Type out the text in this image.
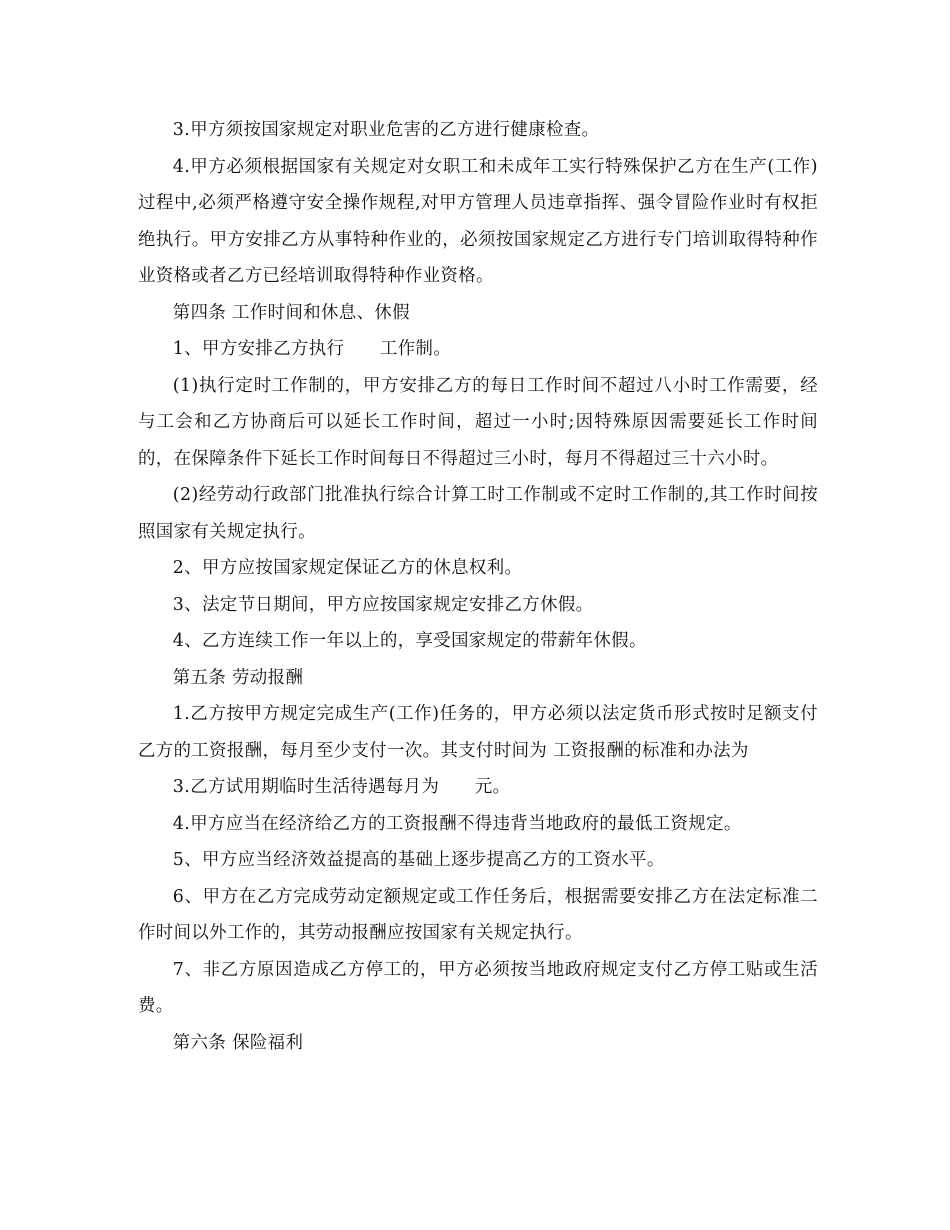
3.甲方须按国家规定对职业危害的乙方进行健康检查。

4.甲方必须根据国家有关规定对女职工和未成年工实行特殊保护乙方在生产(工作)过程中,必须严格遵守安全操作规程,对甲方管理人员违章指挥、强令冒险作业时有权拒绝执行。甲方安排乙方从事特种作业的，必须按国家规定乙方进行专门培训取得特种作业资格或者乙方已经培训取得特种作业资格。

第四条 工作时间和休息、休假

1、甲方安排乙方执行　　工作制。

(1)执行定时工作制的，甲方安排乙方的每日工作时间不超过八小时工作需要，经与工会和乙方协商后可以延长工作时间，超过一小时;因特殊原因需要延长工作时间的，在保障条件下延长工作时间每日不得超过三小时，每月不得超过三十六小时。

(2)经劳动行政部门批准执行综合计算工时工作制或不定时工作制的,其工作时间按照国家有关规定执行。

2、甲方应按国家规定保证乙方的休息权利。

3、法定节日期间，甲方应按国家规定安排乙方休假。

4、乙方连续工作一年以上的，享受国家规定的带薪年休假。

第五条 劳动报酬

1.乙方按甲方规定完成生产(工作)任务的，甲方必须以法定货币形式按时足额支付乙方的工资报酬，每月至少支付一次。其支付时间为 工资报酬的标准和办法为

3.乙方试用期临时生活待遇每月为　　元。

4.甲方应当在经济给乙方的工资报酬不得违背当地政府的最低工资规定。

5、甲方应当经济效益提高的基础上逐步提高乙方的工资水平。

6、甲方在乙方完成劳动定额规定或工作任务后，根据需要安排乙方在法定标准二作时间以外工作的，其劳动报酬应按国家有关规定执行。

7、非乙方原因造成乙方停工的，甲方必须按当地政府规定支付乙方停工贴或生活费。

第六条 保险福利
